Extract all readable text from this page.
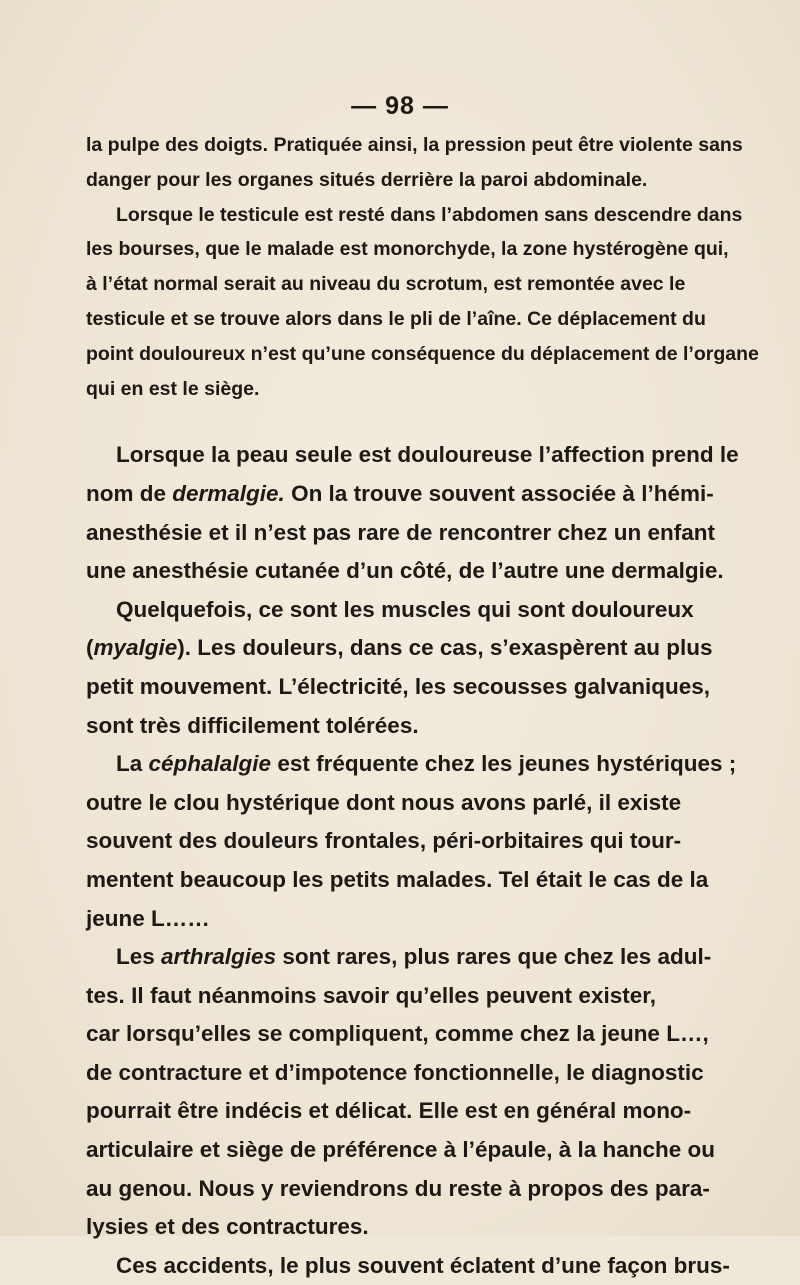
— 98 —
la pulpe des doigts. Pratiquée ainsi, la pression peut être violente sans
danger pour les organes situés derrière la paroi abdominale.
Lorsque le testicule est resté dans l’abdomen sans descendre dans
les bourses, que le malade est monorchyde, la zone hystérogène qui,
à l’état normal serait au niveau du scrotum, est remontée avec le
testicule et se trouve alors dans le pli de l’aîne. Ce déplacement du
point douloureux n’est qu’une conséquence du déplacement de l’organe
qui en est le siège.
Lorsque la peau seule est douloureuse l’affection prend le
nom de dermalgie. On la trouve souvent associée à l’hémi-
anesthésie et il n’est pas rare de rencontrer chez un enfant
une anesthésie cutanée d’un côté, de l’autre une dermalgie.
Quelquefois, ce sont les muscles qui sont douloureux
(myalgie). Les douleurs, dans ce cas, s’exaspèrent au plus
petit mouvement. L’électricité, les secousses galvaniques,
sont très difficilement tolérées.
La céphalalgie est fréquente chez les jeunes hystériques ;
outre le clou hystérique dont nous avons parlé, il existe
souvent des douleurs frontales, péri-orbitaires qui tour-
mentent beaucoup les petits malades. Tel était le cas de la
jeune L……
Les arthralgies sont rares, plus rares que chez les adul-
tes. Il faut néanmoins savoir qu’elles peuvent exister,
car lorsqu’elles se compliquent, comme chez la jeune L…,
de contracture et d’impotence fonctionnelle, le diagnostic
pourrait être indécis et délicat. Elle est en général mono-
articulaire et siège de préférence à l’épaule, à la hanche ou
au genou. Nous y reviendrons du reste à propos des para-
lysies et des contractures.
Ces accidents, le plus souvent éclatent d’une façon brus-
